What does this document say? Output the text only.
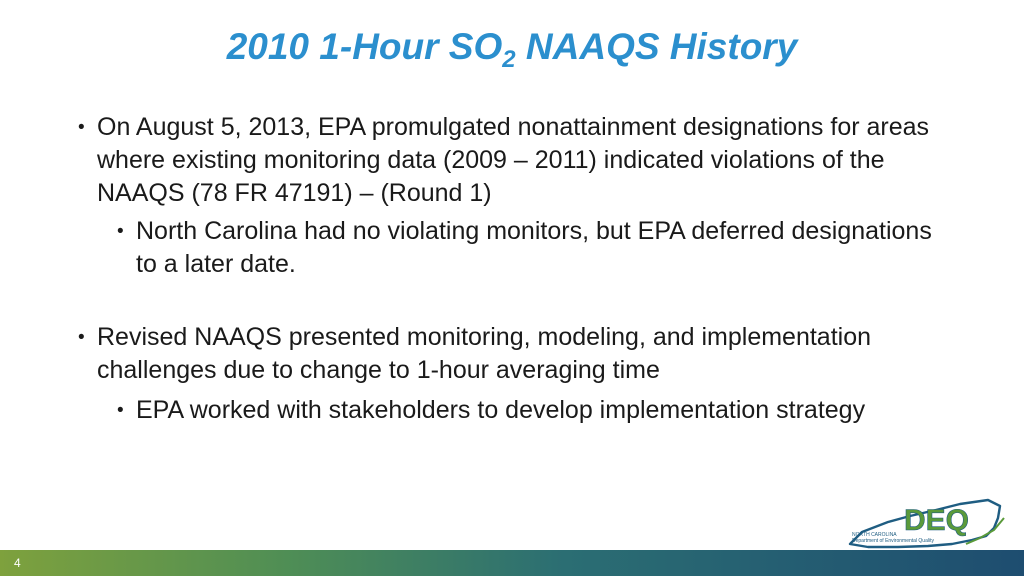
2010 1-Hour $SO_2$ NAAQS History
• On August 5, 2013, EPA promulgated nonattainment designations for areas where existing monitoring data (2009 – 2011) indicated violations of the NAAQS (78 FR 47191) – (Round 1)
• North Carolina had no violating monitors, but EPA deferred designations to a later date.
• Revised NAAQS presented monitoring, modeling, and implementation challenges due to change to 1-hour averaging time
• EPA worked with stakeholders to develop implementation strategy
DEQ
NORTH CAROLINA
Department of Environmental Quality
4
